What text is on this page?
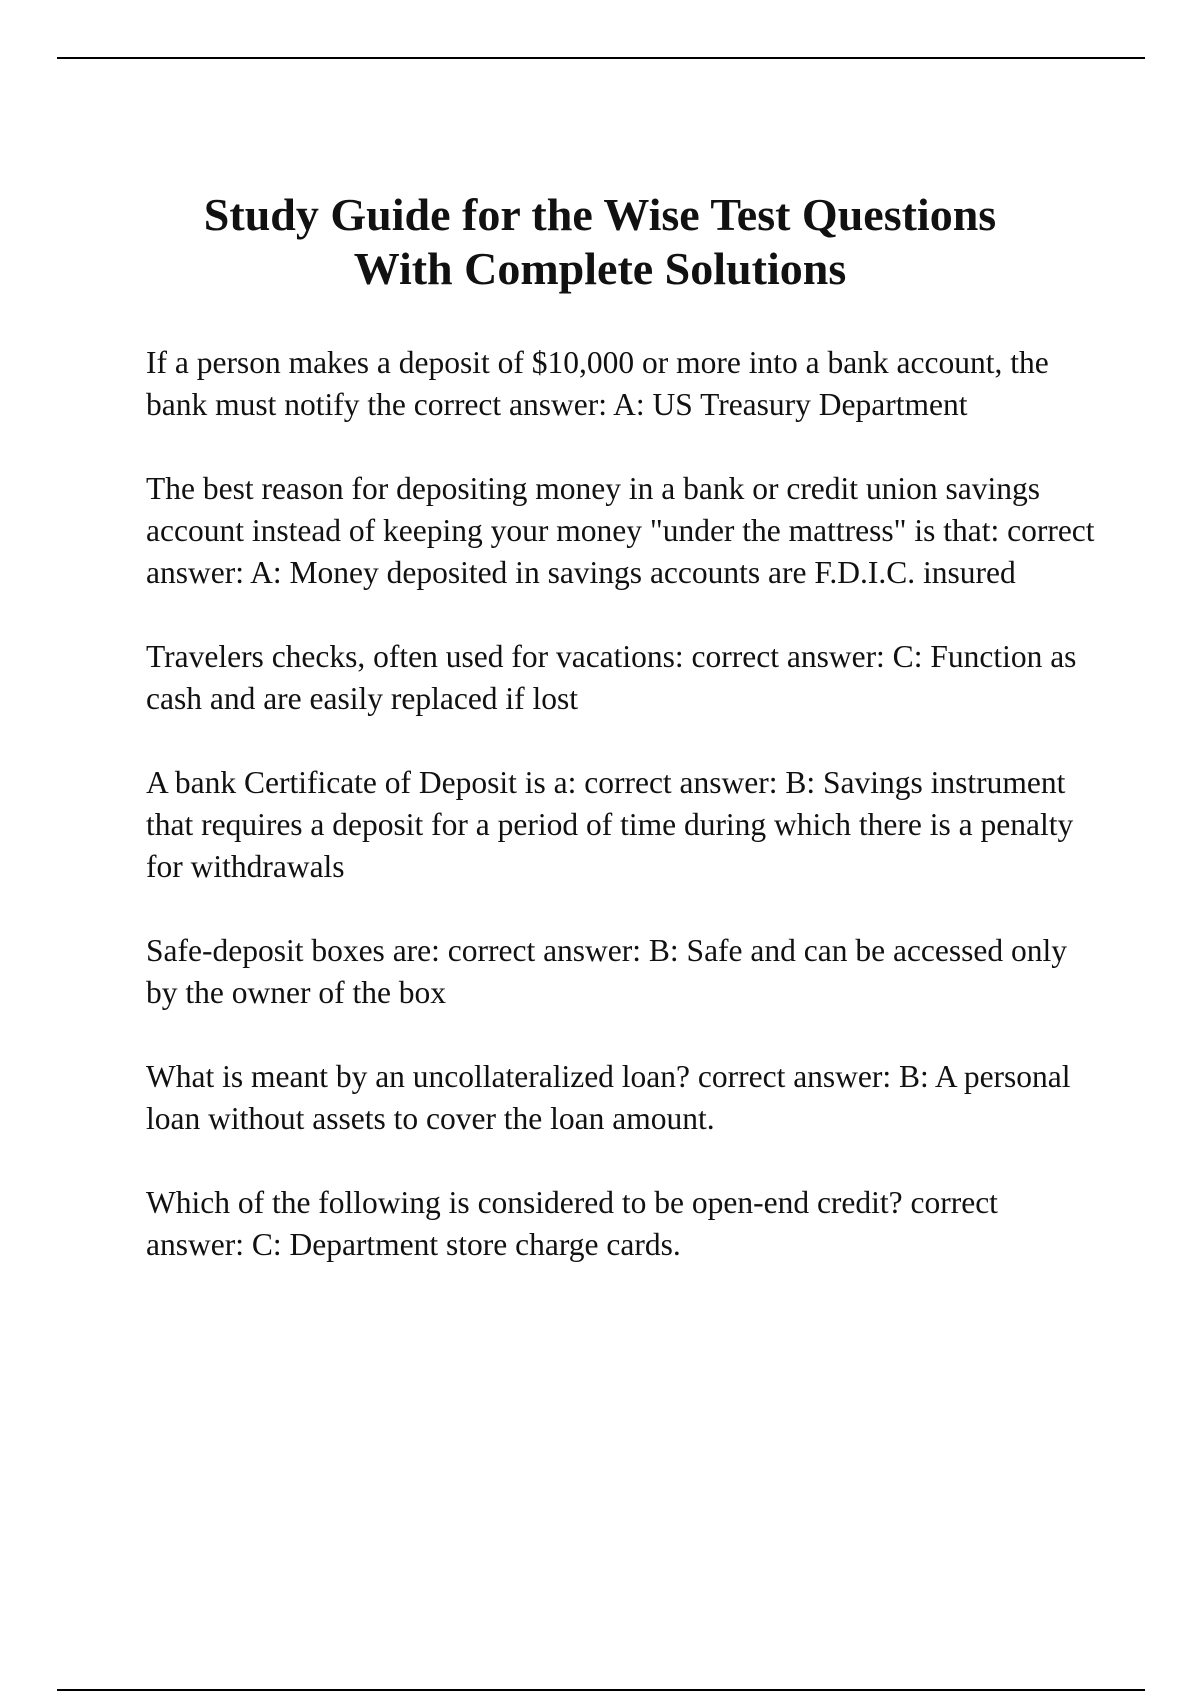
Study Guide for the Wise Test Questions
With Complete Solutions
If a person makes a deposit of $10,000 or more into a bank account, the bank must notify the correct answer: A: US Treasury Department
The best reason for depositing money in a bank or credit union savings account instead of keeping your money "under the mattress" is that: correct answer: A: Money deposited in savings accounts are F.D.I.C. insured
Travelers checks, often used for vacations: correct answer: C: Function as cash and are easily replaced if lost
A bank Certificate of Deposit is a: correct answer: B: Savings instrument that requires a deposit for a period of time during which there is a penalty for withdrawals
Safe-deposit boxes are: correct answer: B: Safe and can be accessed only by the owner of the box
What is meant by an uncollateralized loan? correct answer: B: A personal loan without assets to cover the loan amount.
Which of the following is considered to be open-end credit? correct answer: C: Department store charge cards.
